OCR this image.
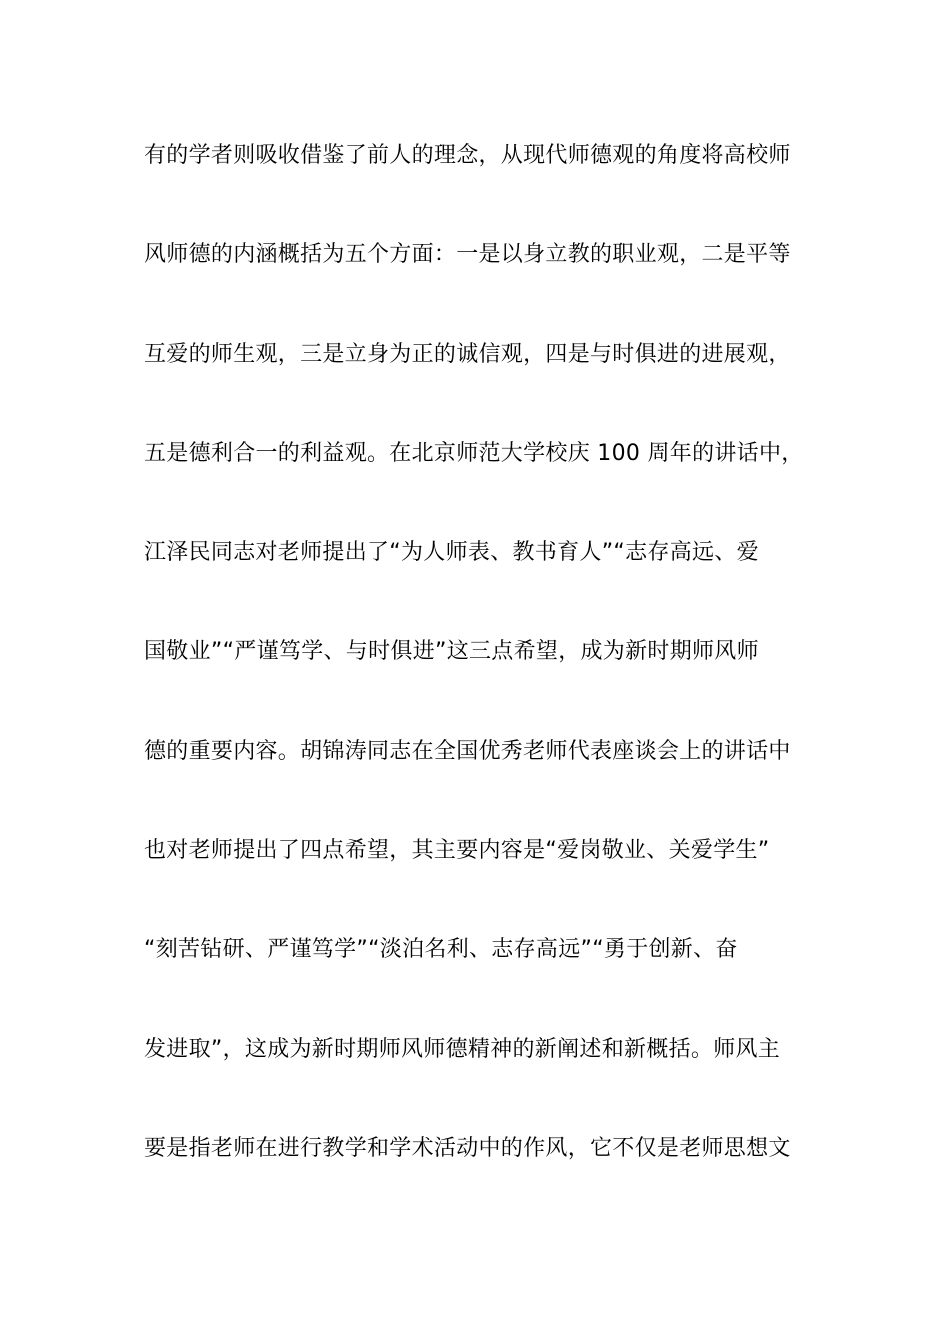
有的学者则吸收借鉴了前人的理念，从现代师德观的角度将高校师
风师德的内涵概括为五个方面：一是以身立教的职业观，二是平等
互爱的师生观，三是立身为正的诚信观，四是与时俱进的进展观，
五是德利合一的利益观。在北京师范大学校庆 100 周年的讲话中，
江泽民同志对老师提出了“为人师表、教书育人”“志存高远、爱
国敬业”“严谨笃学、与时俱进”这三点希望，成为新时期师风师
德的重要内容。胡锦涛同志在全国优秀老师代表座谈会上的讲话中
也对老师提出了四点希望，其主要内容是“爱岗敬业、关爱学生”
“刻苦钻研、严谨笃学”“淡泊名利、志存高远”“勇于创新、奋
发进取”，这成为新时期师风师德精神的新阐述和新概括。师风主
要是指老师在进行教学和学术活动中的作风，它不仅是老师思想文
